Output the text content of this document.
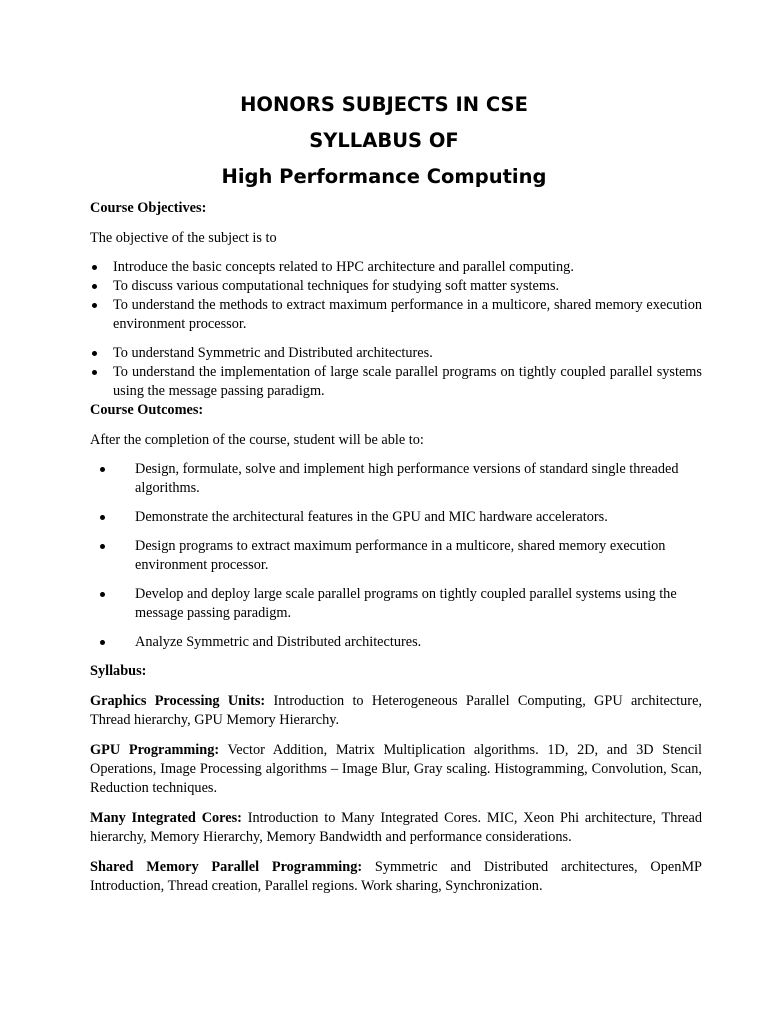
HONORS SUBJECTS IN CSE
SYLLABUS OF
High Performance Computing

Course Objectives:

The objective of the subject is to

Introduce the basic concepts related to HPC architecture and parallel computing.
To discuss various computational techniques for studying soft matter systems.
To understand the methods to extract maximum performance in a multicore, shared memory execution environment processor.
To understand Symmetric and Distributed architectures.
To understand the implementation of large scale parallel programs on tightly coupled parallel systems using the message passing paradigm.

Course Outcomes:

After the completion of the course, student will be able to:

Design, formulate, solve and implement high performance versions of standard single threaded algorithms.
Demonstrate the architectural features in the GPU and MIC hardware accelerators.
Design programs to extract maximum performance in a multicore, shared memory execution environment processor.
Develop and deploy large scale parallel programs on tightly coupled parallel systems using the message passing paradigm.
Analyze Symmetric and Distributed architectures.

Syllabus:

Graphics Processing Units: Introduction to Heterogeneous Parallel Computing, GPU architecture, Thread hierarchy, GPU Memory Hierarchy.

GPU Programming: Vector Addition, Matrix Multiplication algorithms. 1D, 2D, and 3D Stencil Operations, Image Processing algorithms – Image Blur, Gray scaling. Histogramming, Convolution, Scan, Reduction techniques.

Many Integrated Cores: Introduction to Many Integrated Cores. MIC, Xeon Phi architecture, Thread hierarchy, Memory Hierarchy, Memory Bandwidth and performance considerations.

Shared Memory Parallel Programming: Symmetric and Distributed architectures, OpenMP Introduction, Thread creation, Parallel regions. Work sharing, Synchronization.
